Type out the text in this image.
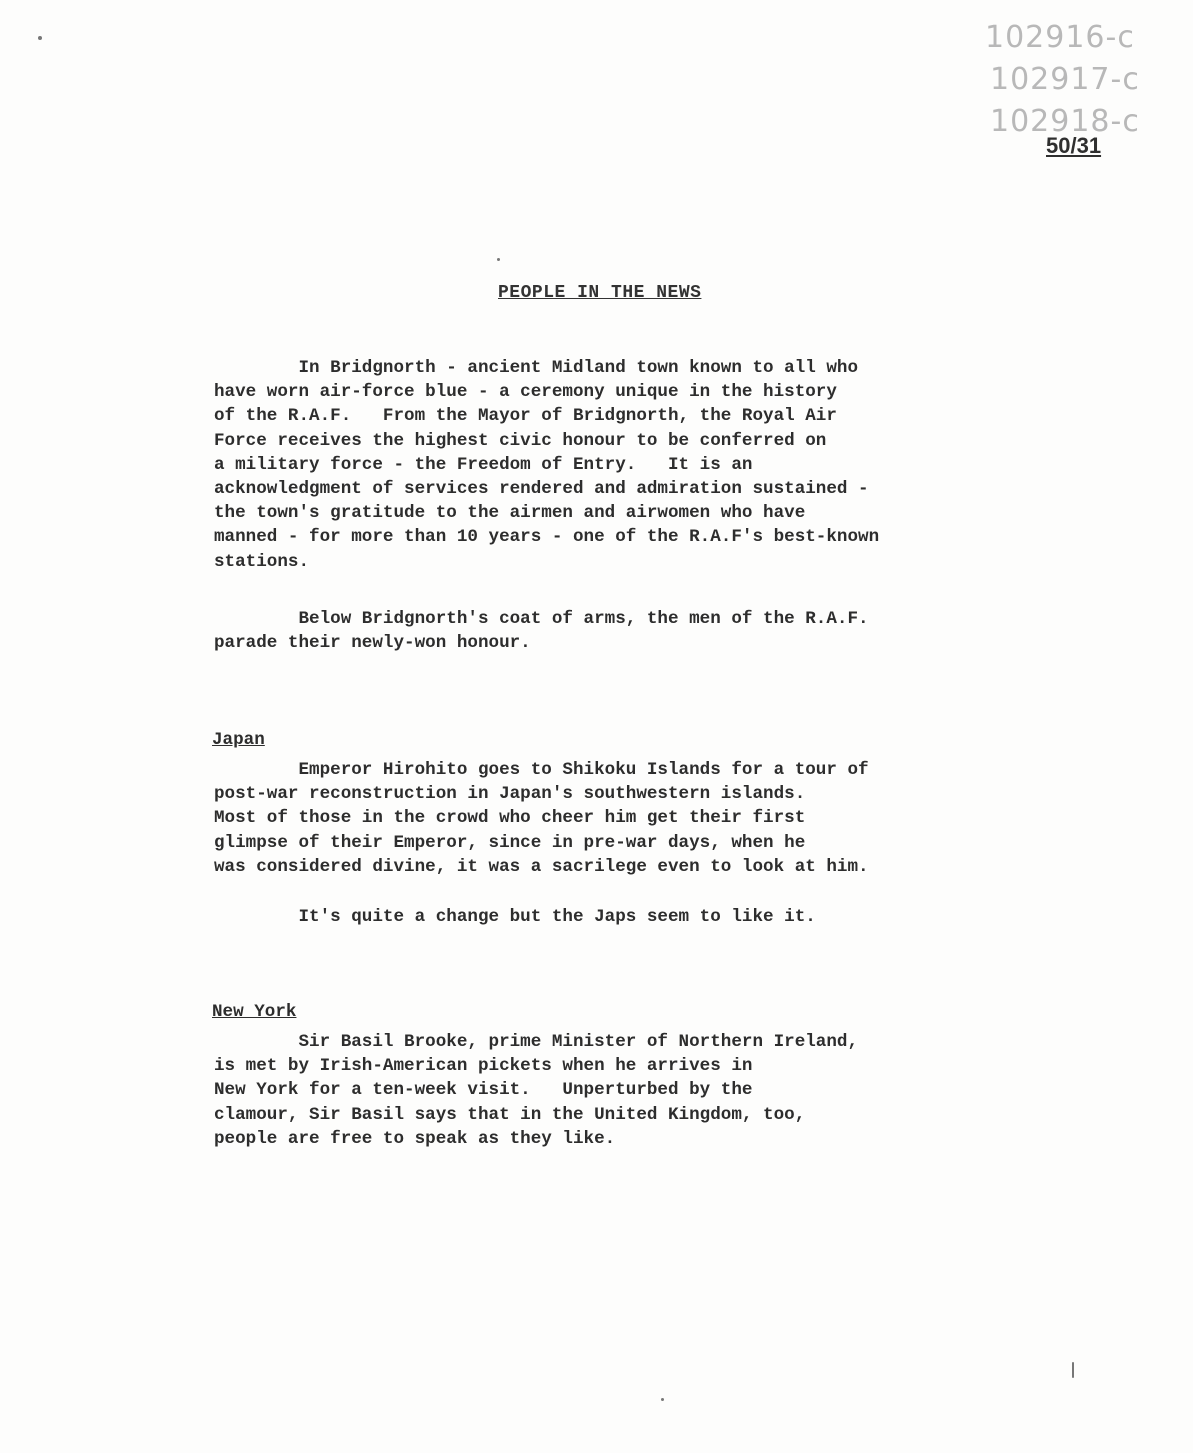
102916-c
102917-c
102918-c
50/31
PEOPLE IN THE NEWS

In Bridgnorth - ancient Midland town known to all who
have worn air-force blue - a ceremony unique in the history
of the R.A.F.   From the Mayor of Bridgnorth, the Royal Air
Force receives the highest civic honour to be conferred on
a military force - the Freedom of Entry.   It is an
acknowledgment of services rendered and admiration sustained -
the town's gratitude to the airmen and airwomen who have
manned - for more than 10 years - one of the R.A.F's best-known
stations.

Below Bridgnorth's coat of arms, the men of the R.A.F.
parade their newly-won honour.

Japan

Emperor Hirohito goes to Shikoku Islands for a tour of
post-war reconstruction in Japan's southwestern islands.
Most of those in the crowd who cheer him get their first
glimpse of their Emperor, since in pre-war days, when he
was considered divine, it was a sacrilege even to look at him.

It's quite a change but the Japs seem to like it.

New York

Sir Basil Brooke, prime Minister of Northern Ireland,
is met by Irish-American pickets when he arrives in
New York for a ten-week visit.   Unperturbed by the
clamour, Sir Basil says that in the United Kingdom, too,
people are free to speak as they like.
